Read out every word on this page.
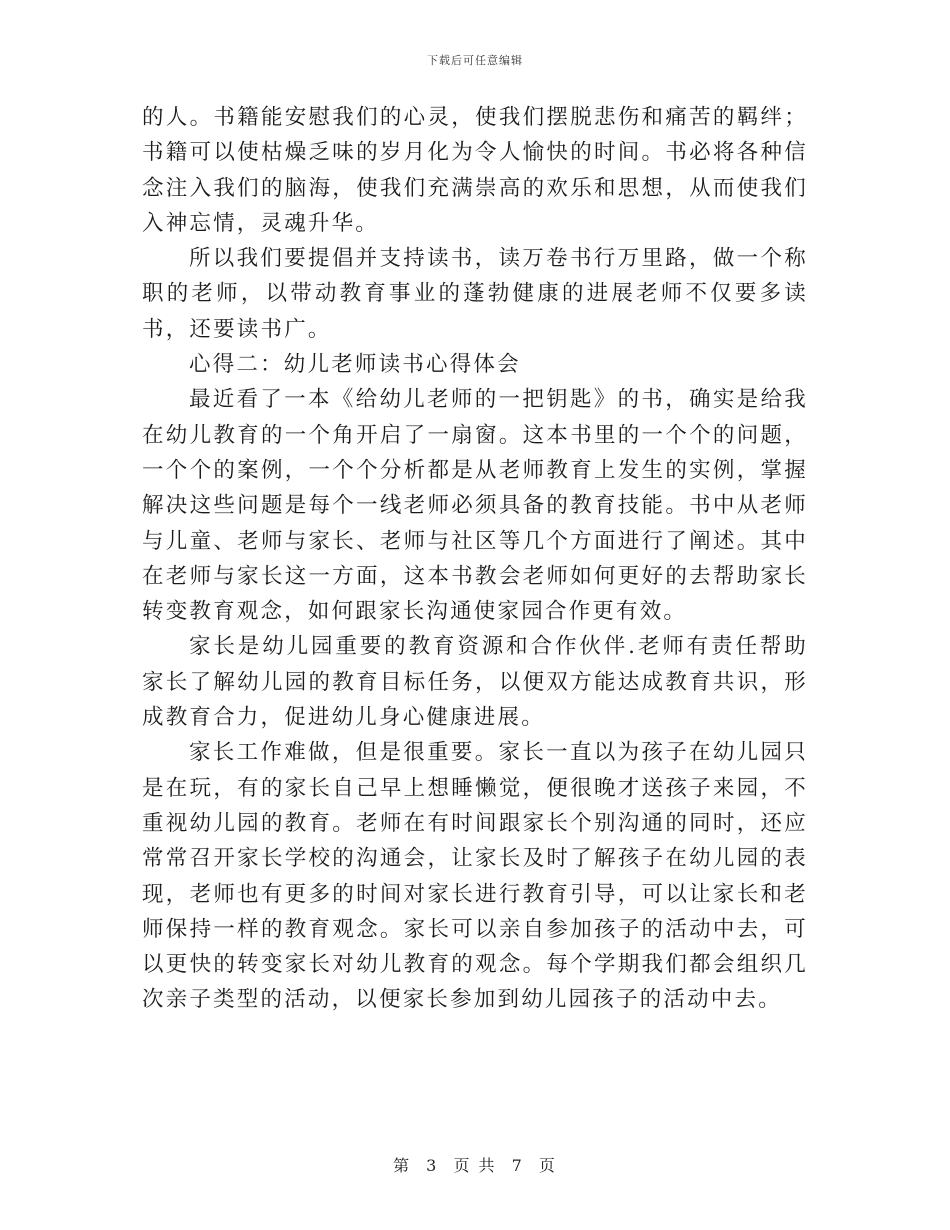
下载后可任意编辑

的人。书籍能安慰我们的心灵，使我们摆脱悲伤和痛苦的羁绊；书籍可以使枯燥乏味的岁月化为令人愉快的时间。书必将各种信念注入我们的脑海，使我们充满崇高的欢乐和思想，从而使我们入神忘情，灵魂升华。

所以我们要提倡并支持读书，读万卷书行万里路，做一个称职的老师，以带动教育事业的蓬勃健康的进展老师不仅要多读书，还要读书广。

心得二：幼儿老师读书心得体会

最近看了一本《给幼儿老师的一把钥匙》的书，确实是给我在幼儿教育的一个角开启了一扇窗。这本书里的一个个的问题，一个个的案例，一个个分析都是从老师教育上发生的实例，掌握解决这些问题是每个一线老师必须具备的教育技能。书中从老师与儿童、老师与家长、老师与社区等几个方面进行了阐述。其中在老师与家长这一方面，这本书教会老师如何更好的去帮助家长转变教育观念，如何跟家长沟通使家园合作更有效。

家长是幼儿园重要的教育资源和合作伙伴.老师有责任帮助家长了解幼儿园的教育目标任务，以便双方能达成教育共识，形成教育合力，促进幼儿身心健康进展。

家长工作难做，但是很重要。家长一直以为孩子在幼儿园只是在玩，有的家长自己早上想睡懒觉，便很晚才送孩子来园，不重视幼儿园的教育。老师在有时间跟家长个别沟通的同时，还应常常召开家长学校的沟通会，让家长及时了解孩子在幼儿园的表现，老师也有更多的时间对家长进行教育引导，可以让家长和老师保持一样的教育观念。家长可以亲自参加孩子的活动中去，可以更快的转变家长对幼儿教育的观念。每个学期我们都会组织几次亲子类型的活动，以便家长参加到幼儿园孩子的活动中去。

第 3 页 共 7 页
